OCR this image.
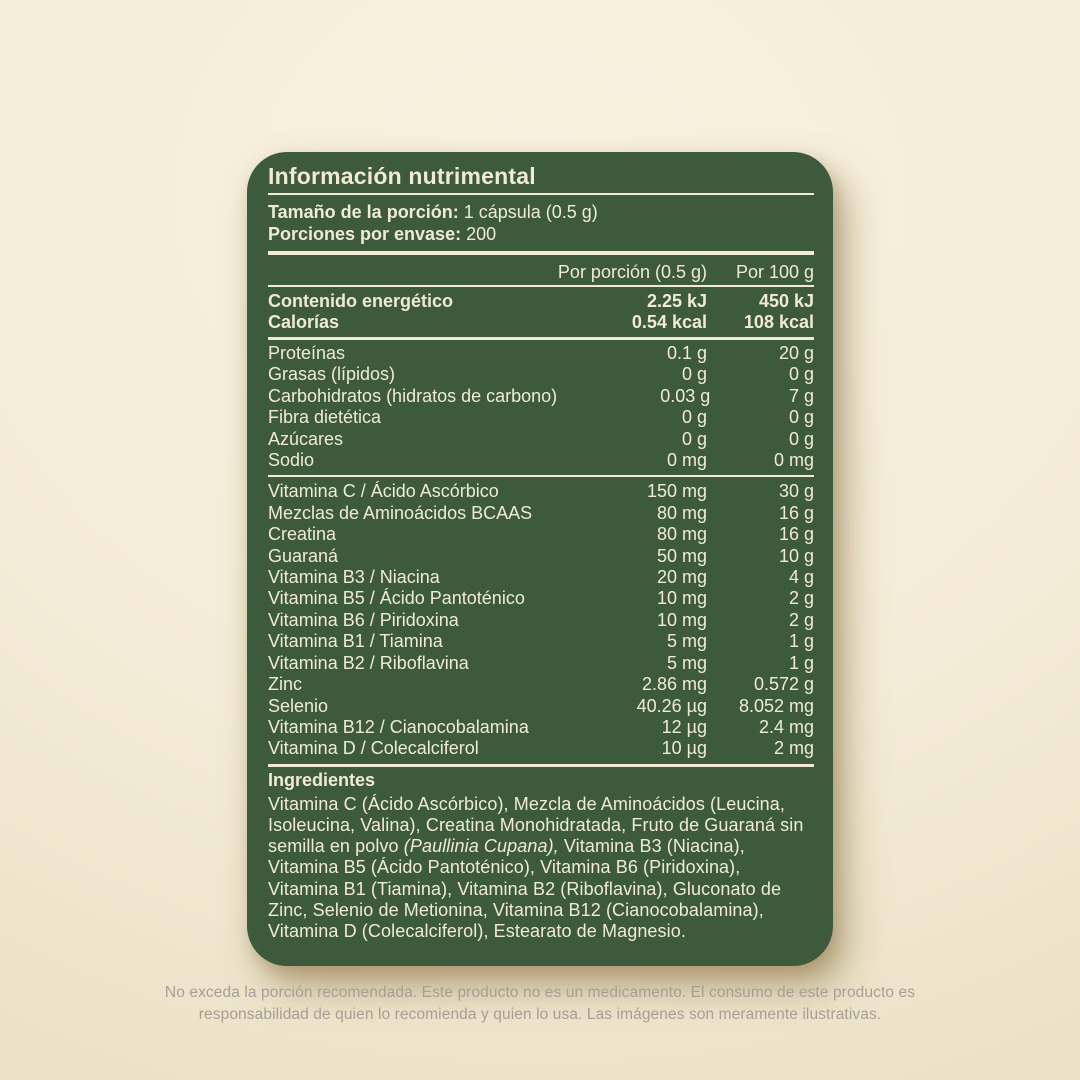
Información nutrimental
Tamaño de la porción: 1 cápsula (0.5 g)
Porciones por envase: 200
Por porción (0.5 g)	Por 100 g
Contenido energético	2.25 kJ	450 kJ
Calorías	0.54 kcal	108 kcal
Proteínas	0.1 g	20 g
Grasas (lípidos)	0 g	0 g
Carbohidratos (hidratos de carbono)	0.03 g	7 g
Fibra dietética	0 g	0 g
Azúcares	0 g	0 g
Sodio	0 mg	0 mg
Vitamina C / Ácido Ascórbico	150 mg	30 g
Mezclas de Aminoácidos BCAAS	80 mg	16 g
Creatina	80 mg	16 g
Guaraná	50 mg	10 g
Vitamina B3 / Niacina	20 mg	4 g
Vitamina B5 / Ácido Pantoténico	10 mg	2 g
Vitamina B6 / Piridoxina	10 mg	2 g
Vitamina B1 / Tiamina	5 mg	1 g
Vitamina B2 / Riboflavina	5 mg	1 g
Zinc	2.86 mg	0.572 g
Selenio	40.26 µg	8.052 mg
Vitamina B12 / Cianocobalamina	12 µg	2.4 mg
Vitamina D / Colecalciferol	10 µg	2 mg
Ingredientes
Vitamina C (Ácido Ascórbico), Mezcla de Aminoácidos (Leucina, Isoleucina, Valina), Creatina Monohidratada, Fruto de Guaraná sin semilla en polvo (Paullinia Cupana), Vitamina B3 (Niacina), Vitamina B5 (Ácido Pantoténico), Vitamina B6 (Piridoxina), Vitamina B1 (Tiamina), Vitamina B2 (Riboflavina), Gluconato de Zinc, Selenio de Metionina, Vitamina B12 (Cianocobalamina), Vitamina D (Colecalciferol), Estearato de Magnesio.
No exceda la porción recomendada. Este producto no es un medicamento. El consumo de este producto es responsabilidad de quien lo recomienda y quien lo usa. Las imágenes son meramente ilustrativas.
